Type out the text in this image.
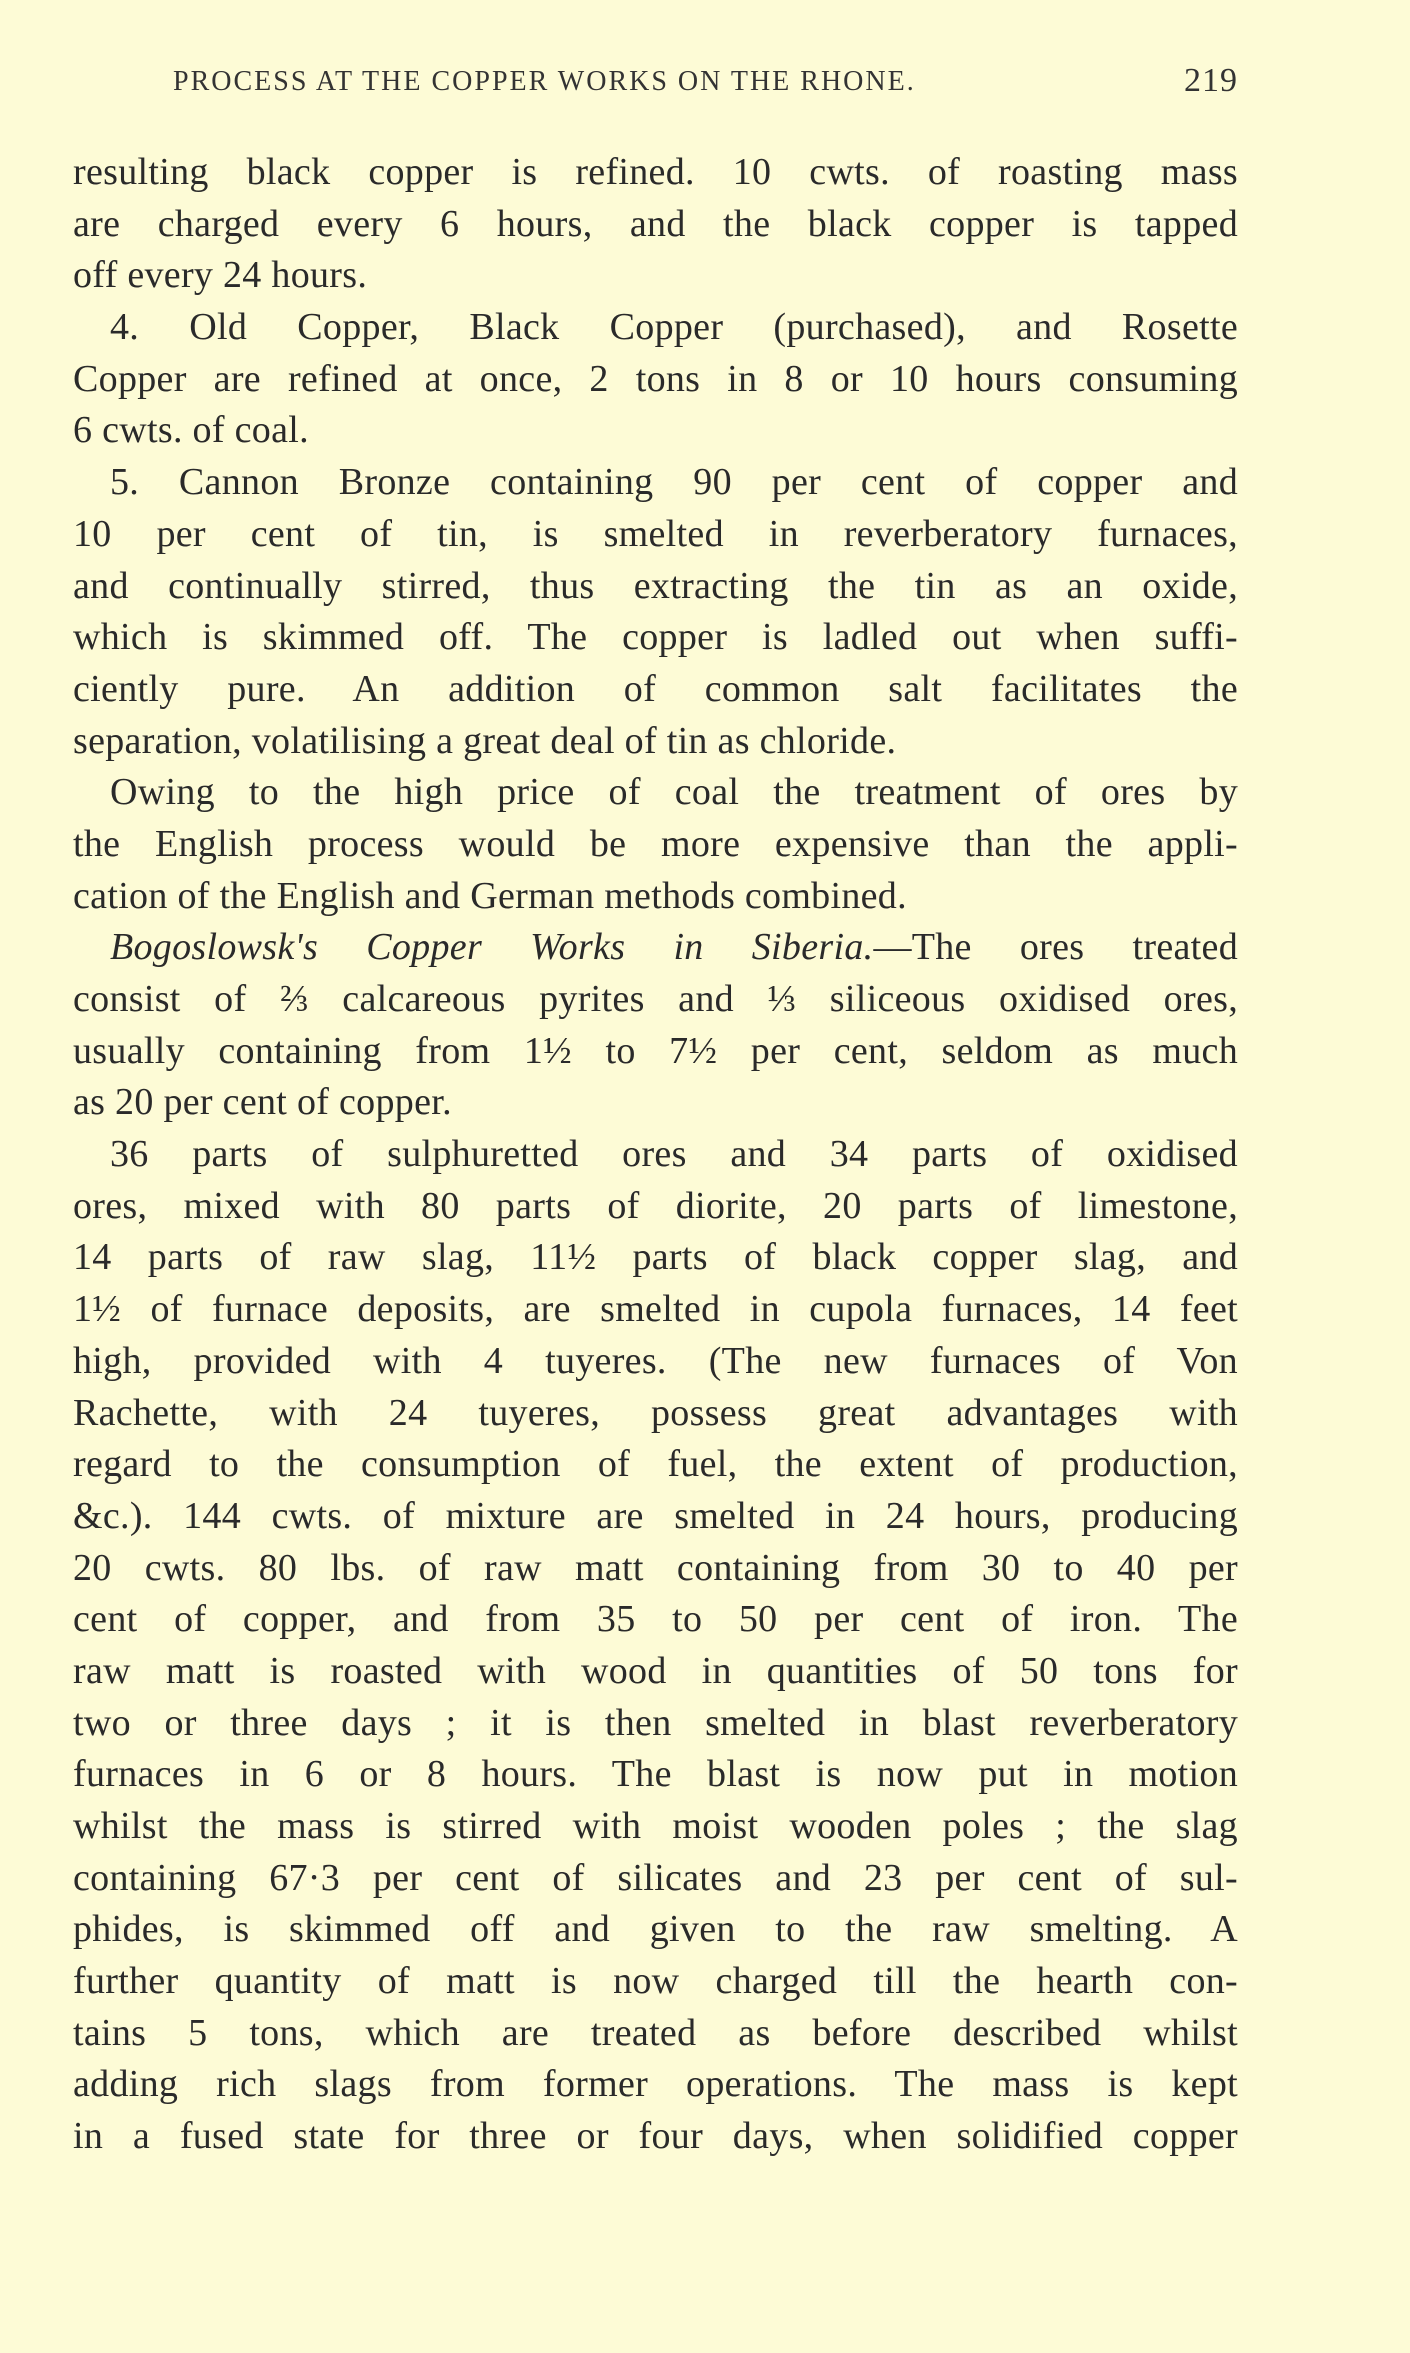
PROCESS AT THE COPPER WORKS ON THE RHONE.	219
resulting black copper is refined. 10 cwts. of roasting mass
are charged every 6 hours, and the black copper is tapped
off every 24 hours.
4. Old Copper, Black Copper (purchased), and Rosette
Copper are refined at once, 2 tons in 8 or 10 hours consuming
6 cwts. of coal.
5. Cannon Bronze containing 90 per cent of copper and
10 per cent of tin, is smelted in reverberatory furnaces,
and continually stirred, thus extracting the tin as an oxide,
which is skimmed off. The copper is ladled out when suffi-
ciently pure. An addition of common salt facilitates the
separation, volatilising a great deal of tin as chloride.
Owing to the high price of coal the treatment of ores by
the English process would be more expensive than the appli-
cation of the English and German methods combined.
Bogoslowsk's Copper Works in Siberia.—The ores treated
consist of ⅔ calcareous pyrites and ⅓ siliceous oxidised ores,
usually containing from 1½ to 7½ per cent, seldom as much
as 20 per cent of copper.
36 parts of sulphuretted ores and 34 parts of oxidised
ores, mixed with 80 parts of diorite, 20 parts of limestone,
14 parts of raw slag, 11½ parts of black copper slag, and
1½ of furnace deposits, are smelted in cupola furnaces, 14 feet
high, provided with 4 tuyeres. (The new furnaces of Von
Rachette, with 24 tuyeres, possess great advantages with
regard to the consumption of fuel, the extent of production,
&c.). 144 cwts. of mixture are smelted in 24 hours, producing
20 cwts. 80 lbs. of raw matt containing from 30 to 40 per
cent of copper, and from 35 to 50 per cent of iron. The
raw matt is roasted with wood in quantities of 50 tons for
two or three days ; it is then smelted in blast reverberatory
furnaces in 6 or 8 hours. The blast is now put in motion
whilst the mass is stirred with moist wooden poles ; the slag
containing 67·3 per cent of silicates and 23 per cent of sul-
phides, is skimmed off and given to the raw smelting. A
further quantity of matt is now charged till the hearth con-
tains 5 tons, which are treated as before described whilst
adding rich slags from former operations. The mass is kept
in a fused state for three or four days, when solidified copper
